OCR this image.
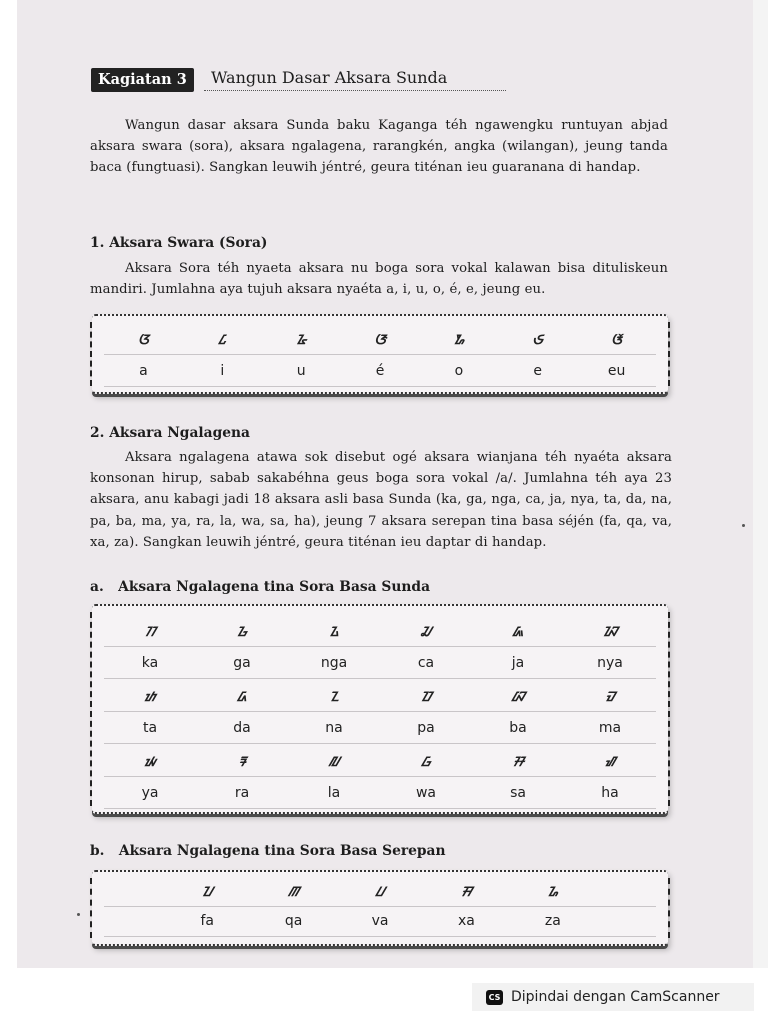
Kagiatan 3	Wangun Dasar Aksara Sunda

Wangun dasar aksara Sunda baku Kaganga téh ngawengku runtuyan abjad aksara swara (sora), aksara ngalagena, rarangkén, angka (wilangan), jeung tanda baca (fungtuasi). Sangkan leuwih jéntré, geura titénan ieu guaranana di handap.

1. Aksara Swara (Sora)

Aksara Sora téh nyaeta aksara nu boga sora vokal kalawan bisa dituliskeun mandiri. Jumlahna aya tujuh aksara nyaéta a, i, u, o, é, e, jeung eu.

ᮃ	ᮄ	ᮅ	ᮆ	ᮇ	ᮈ	ᮉ
a	i	u	é	o	e	eu

2. Aksara Ngalagena

Aksara ngalagena atawa sok disebut ogé aksara wianjana téh nyaéta aksara konsonan hirup, sabab sakabéhna geus boga sora vokal /a/. Jumlahna téh aya 23 aksara, anu kabagi jadi 18 aksara asli basa Sunda (ka, ga, nga, ca, ja, nya, ta, da, na, pa, ba, ma, ya, ra, la, wa, sa, ha), jeung 7 aksara serepan tina basa séjén (fa, qa, va, xa, za). Sangkan leuwih jéntré, geura titénan ieu daptar di handap.

a.   Aksara Ngalagena tina Sora Basa Sunda

ᮊ	ᮌ	ᮍ	ᮎ	ᮏ	ᮑ
ka	ga	nga	ca	ja	nya
ᮒ	ᮓ	ᮔ	ᮕ	ᮘ	ᮙ
ta	da	na	pa	ba	ma
ᮚ	ᮛ	ᮜ	ᮝ	ᮞ	ᮠ
ya	ra	la	wa	sa	ha

b.   Aksara Ngalagena tina Sora Basa Serepan

ᮖ	ᮋ	ᮗ	ᮟ	ᮐ
fa	qa	va	xa	za
CS Dipindai dengan CamScanner
